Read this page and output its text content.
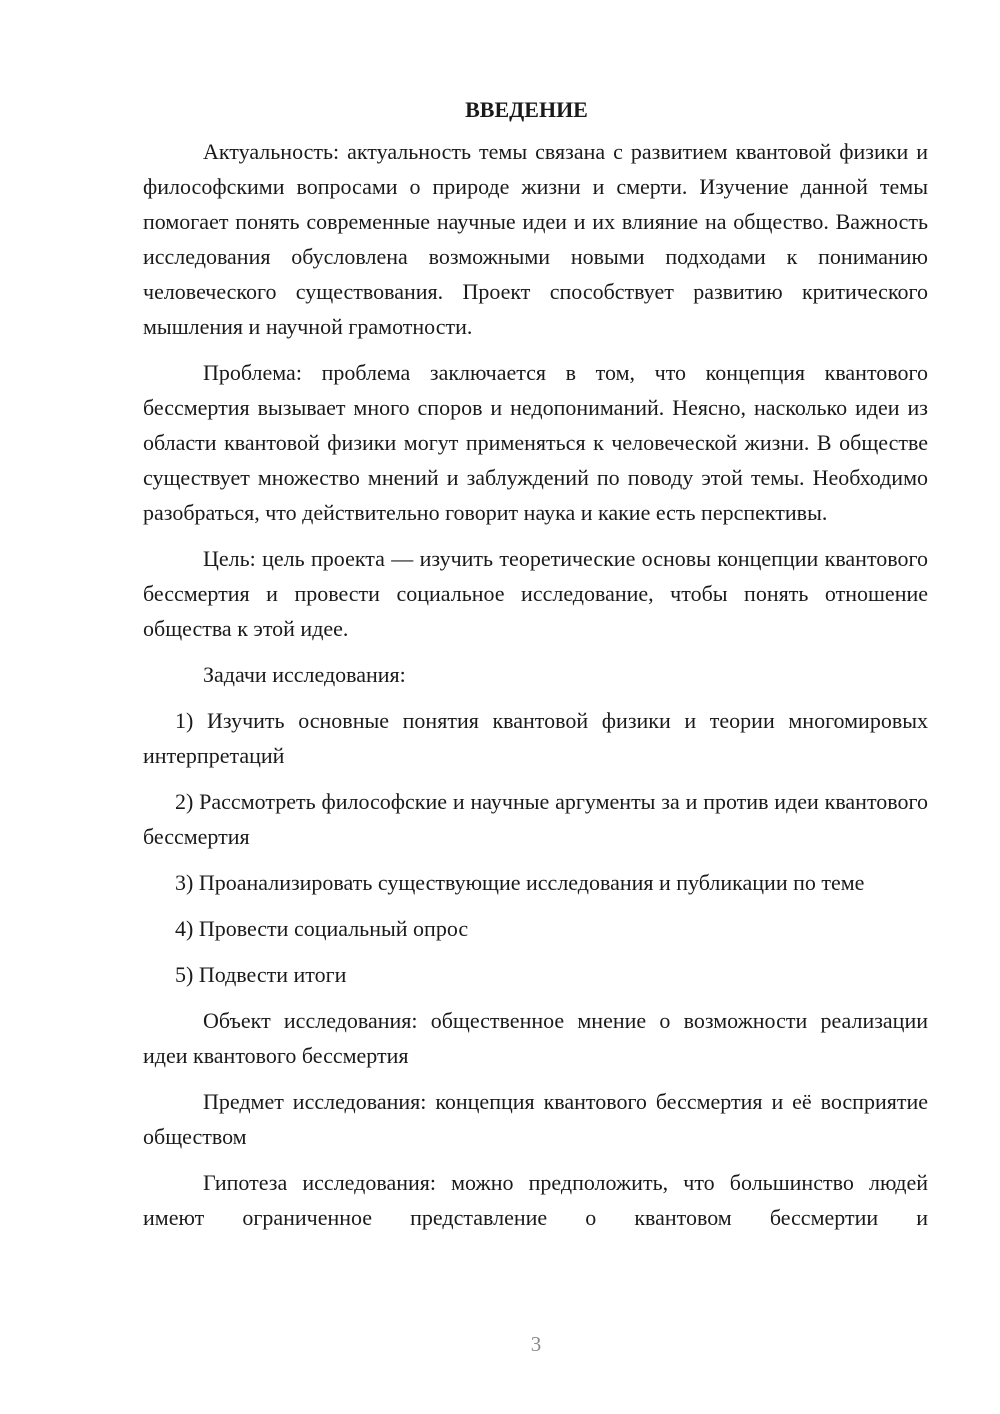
ВВЕДЕНИЕ

Актуальность: актуальность темы связана с развитием квантовой физики и философскими вопросами о природе жизни и смерти. Изучение данной темы помогает понять современные научные идеи и их влияние на общество. Важность исследования обусловлена возможными новыми подходами к пониманию человеческого существования. Проект способствует развитию критического мышления и научной грамотности.

Проблема: проблема заключается в том, что концепция квантового бессмертия вызывает много споров и недопониманий. Неясно, насколько идеи из области квантовой физики могут применяться к человеческой жизни. В обществе существует множество мнений и заблуждений по поводу этой темы. Необходимо разобраться, что действительно говорит наука и какие есть перспективы.

Цель: цель проекта — изучить теоретические основы концепции квантового бессмертия и провести социальное исследование, чтобы понять отношение общества к этой идее.

Задачи исследования:

1) Изучить основные понятия квантовой физики и теории многомировых интерпретаций

2) Рассмотреть философские и научные аргументы за и против идеи квантового бессмертия

3) Проанализировать существующие исследования и публикации по теме

4) Провести социальный опрос

5) Подвести итоги

Объект исследования: общественное мнение о возможности реализации идеи квантового бессмертия

Предмет исследования: концепция квантового бессмертия и её восприятие обществом

Гипотеза исследования: можно предположить, что большинство людей имеют ограниченное представление о квантовом бессмертии и

3
